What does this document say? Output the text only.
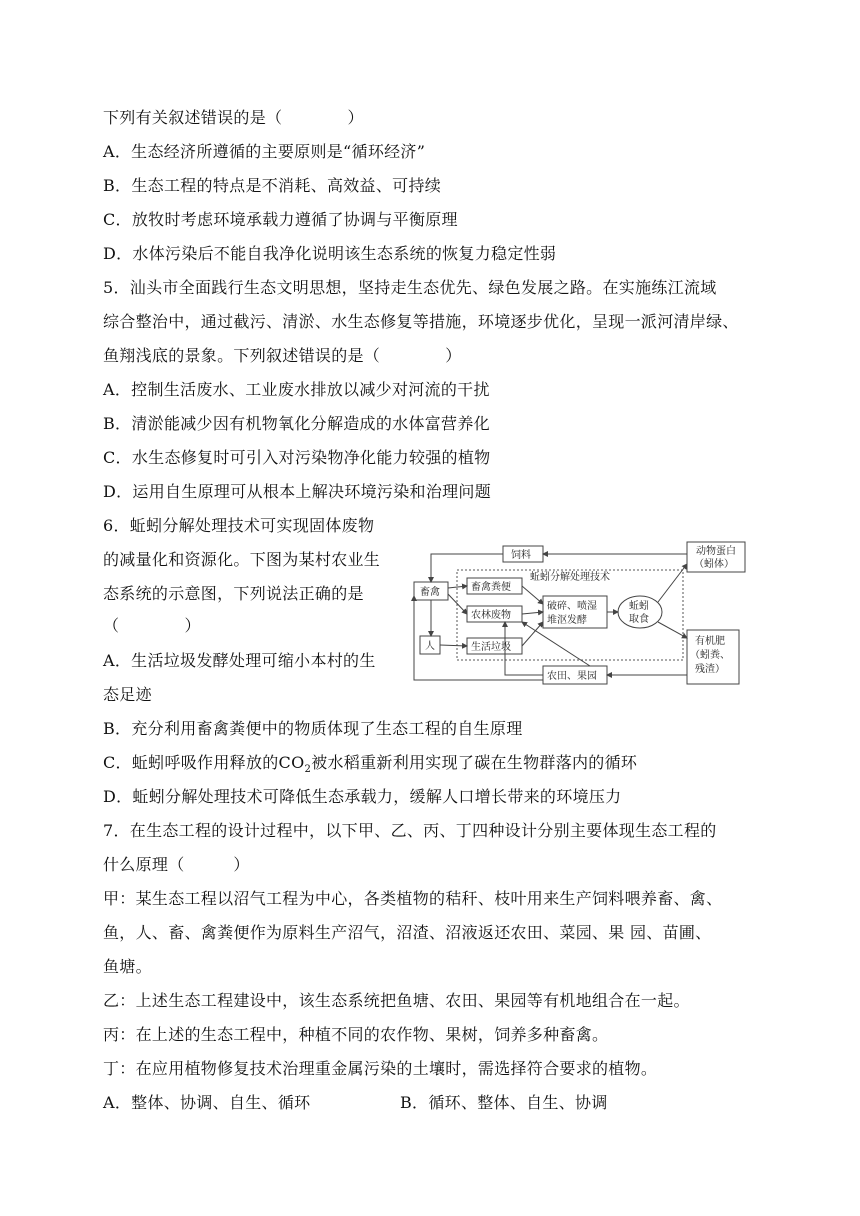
下列有关叙述错误的是（　　　　）
A．生态经济所遵循的主要原则是“循环经济”
B．生态工程的特点是不消耗、高效益、可持续
C．放牧时考虑环境承载力遵循了协调与平衡原理
D．水体污染后不能自我净化说明该生态系统的恢复力稳定性弱
5．汕头市全面践行生态文明思想，坚持走生态优先、绿色发展之路。在实施练江流域
综合整治中，通过截污、清淤、水生态修复等措施，环境逐步优化，呈现一派河清岸绿、
鱼翔浅底的景象。下列叙述错误的是（　　　　）
A．控制生活废水、工业废水排放以减少对河流的干扰
B．清淤能减少因有机物氧化分解造成的水体富营养化
C．水生态修复时可引入对污染物净化能力较强的植物
D．运用自生原理可从根本上解决环境污染和治理问题
6．蚯蚓分解处理技术可实现固体废物
的减量化和资源化。下图为某村农业生
态系统的示意图，下列说法正确的是
（　　　　）
A．生活垃圾发酵处理可缩小本村的生
态足迹
B．充分利用畜禽粪便中的物质体现了生态工程的自生原理
C．蚯蚓呼吸作用释放的$CO_2$被水稻重新利用实现了碳在生物群落内的循环
D．蚯蚓分解处理技术可降低生态承载力，缓解人口增长带来的环境压力
蚯蚓分解处理技术
饲料	动物蛋白
（蚓体）
畜禽
人
畜禽粪便
农林废物
生活垃圾
破碎、喷湿
堆沤发酵
蚯蚓
取食
有机肥
（蚓粪、
残渣）
农田、果园
7．在生态工程的设计过程中，以下甲、乙、丙、丁四种设计分别主要体现生态工程的
什么原理（　　　）
甲：某生态工程以沼气工程为中心，各类植物的秸秆、枝叶用来生产饲料喂养畜、禽、
鱼，人、畜、禽粪便作为原料生产沼气，沼渣、沼液返还农田、菜园、果 园、苗圃、
鱼塘。
乙：上述生态工程建设中，该生态系统把鱼塘、农田、果园等有机地组合在一起。
丙：在上述的生态工程中，种植不同的农作物、果树，饲养多种畜禽。
丁：在应用植物修复技术治理重金属污染的土壤时，需选择符合要求的植物。
A．整体、协调、自生、循环	B．循环、整体、自生、协调
